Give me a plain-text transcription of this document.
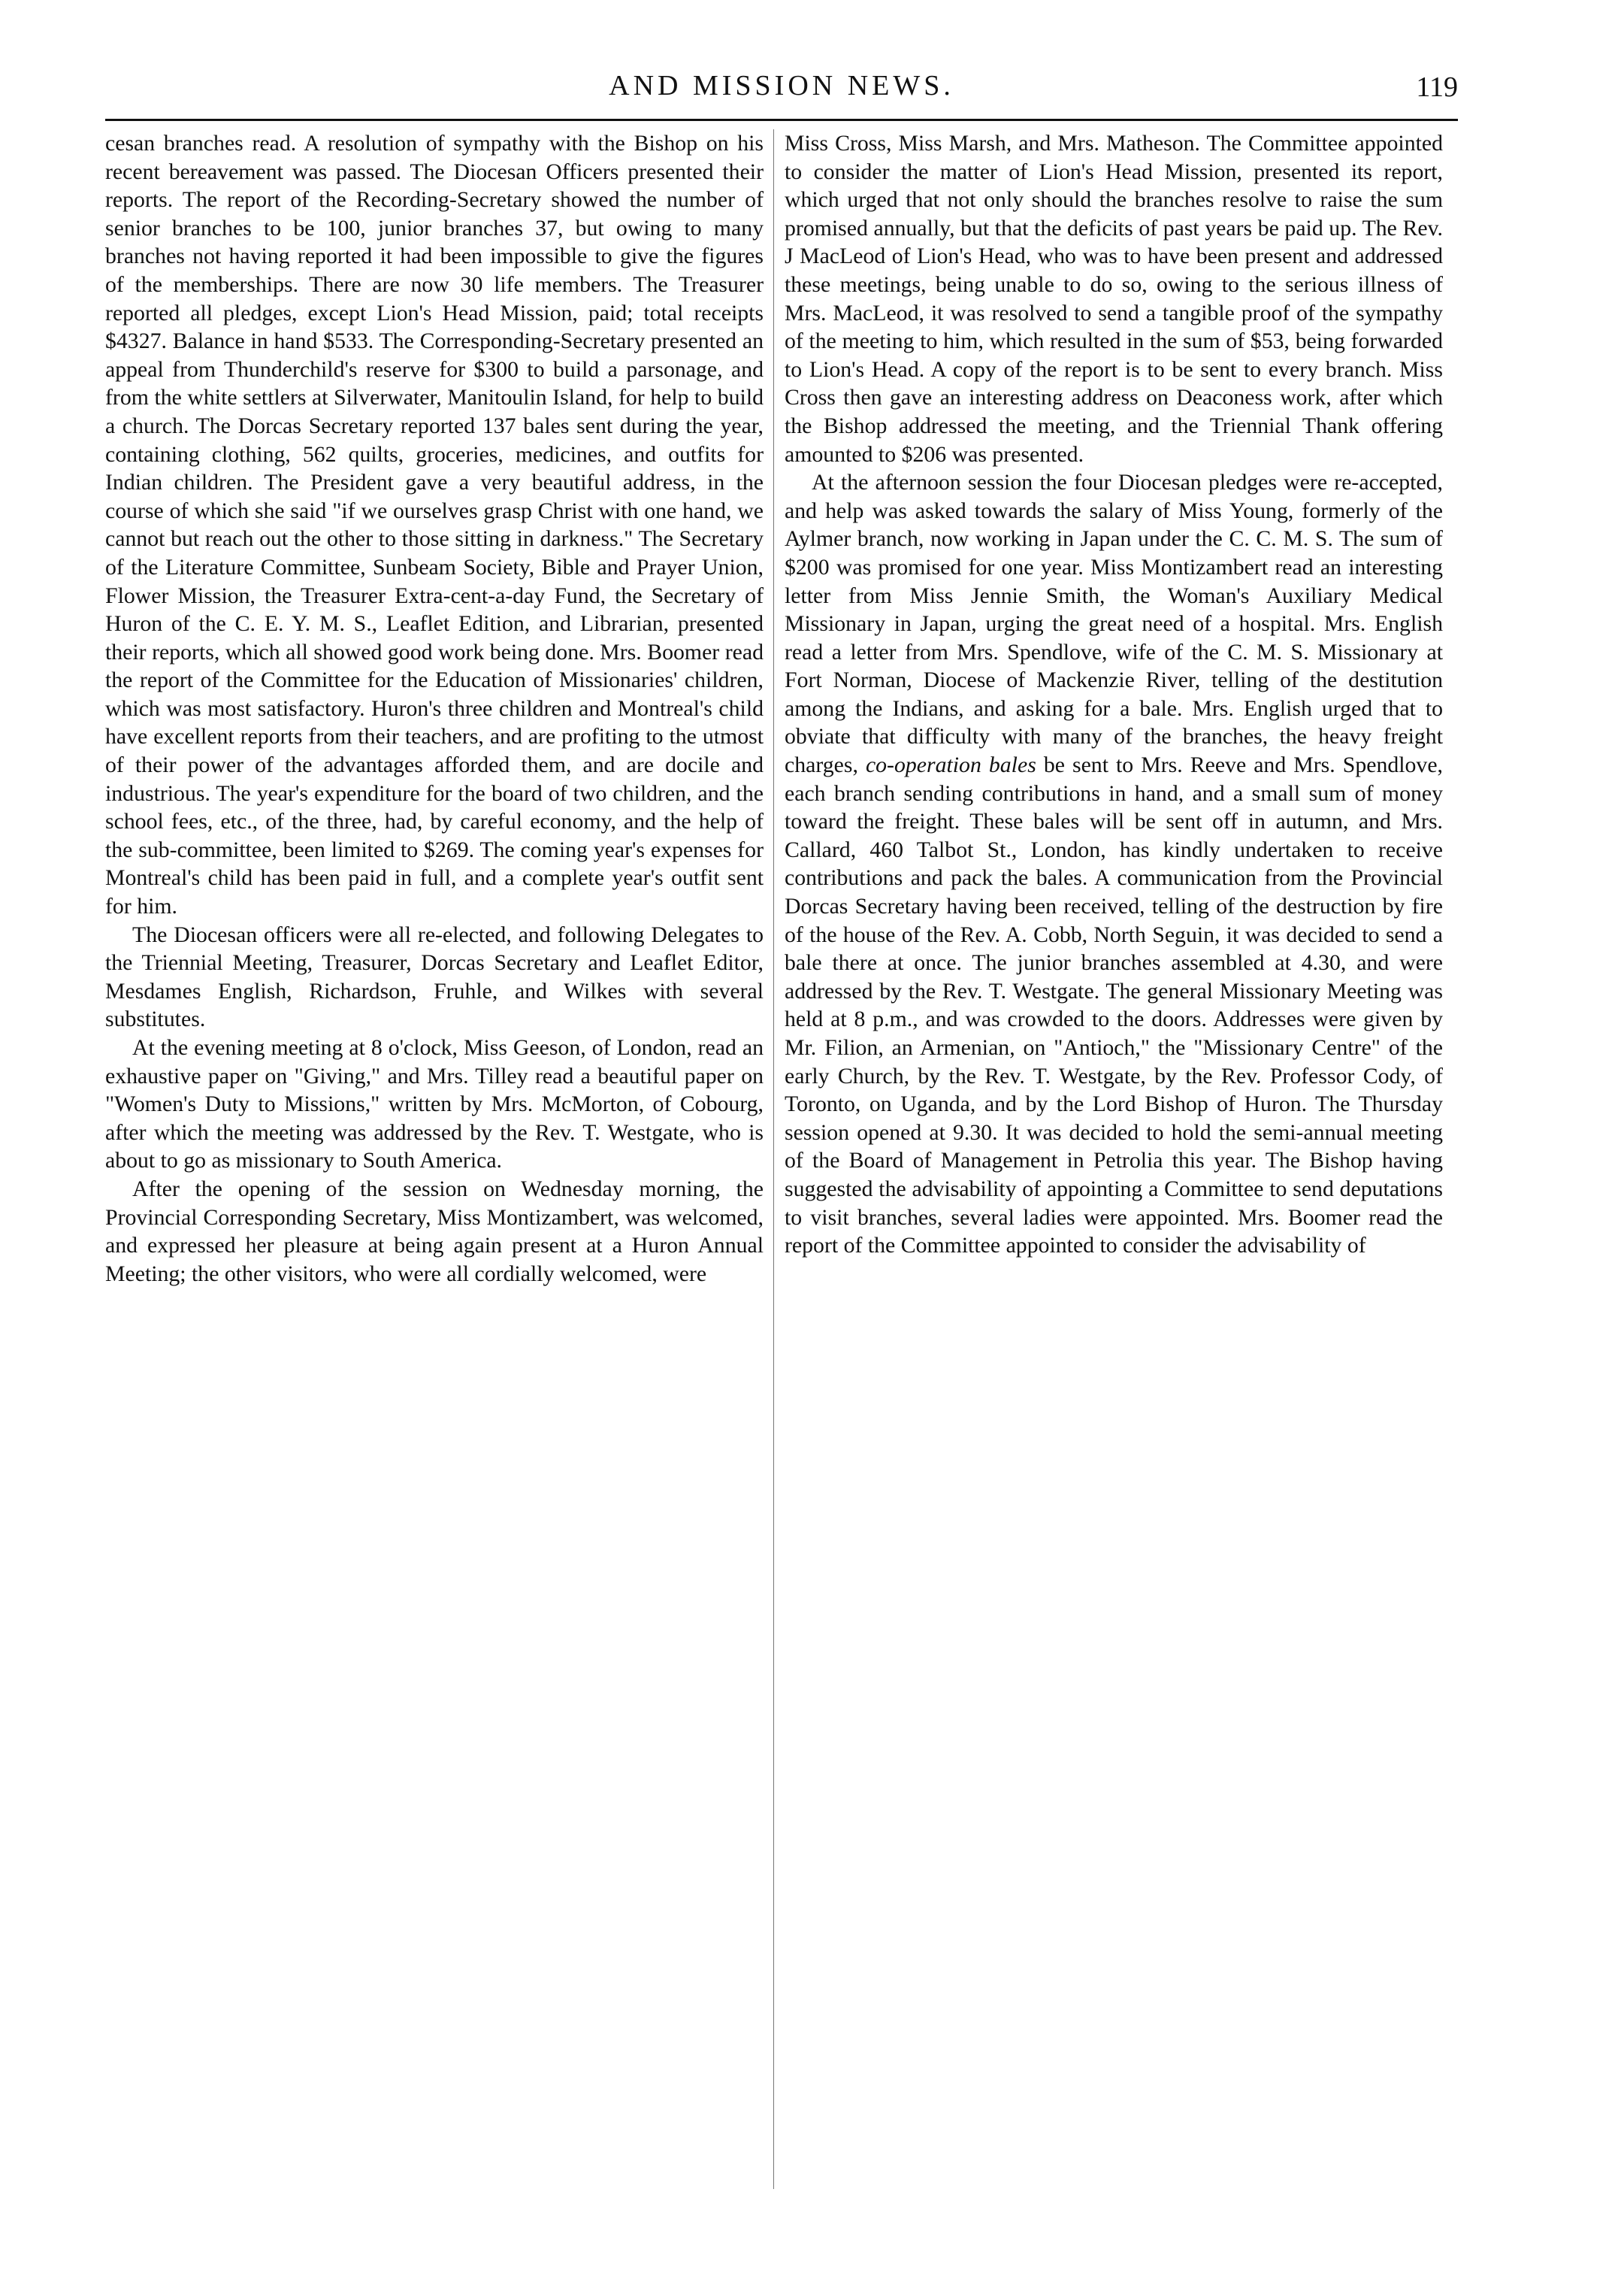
AND MISSION NEWS.	119

cesan branches read. A resolution of sympathy with the Bishop on his recent bereavement was passed. The Diocesan Officers presented their reports. The report of the Recording-Secretary showed the number of senior branches to be 100, junior branches 37, but owing to many branches not having reported it had been impossible to give the figures of the memberships. There are now 30 life members. The Treasurer reported all pledges, except Lion's Head Mission, paid; total receipts $4327. Balance in hand $533. The Corresponding-Secretary presented an appeal from Thunderchild's reserve for $300 to build a parsonage, and from the white settlers at Silverwater, Manitoulin Island, for help to build a church. The Dorcas Secretary reported 137 bales sent during the year, containing clothing, 562 quilts, groceries, medicines, and outfits for Indian children. The President gave a very beautiful address, in the course of which she said "if we ourselves grasp Christ with one hand, we cannot but reach out the other to those sitting in darkness." The Secretary of the Literature Committee, Sunbeam Society, Bible and Prayer Union, Flower Mission, the Treasurer Extra-cent-a-day Fund, the Secretary of Huron of the C. E. Y. M. S., Leaflet Edition, and Librarian, presented their reports, which all showed good work being done. Mrs. Boomer read the report of the Committee for the Education of Missionaries' children, which was most satisfactory. Huron's three children and Montreal's child have excellent reports from their teachers, and are profiting to the utmost of their power of the advantages afforded them, and are docile and industrious. The year's expenditure for the board of two children, and the school fees, etc., of the three, had, by careful economy, and the help of the sub-committee, been limited to $269. The coming year's expenses for Montreal's child has been paid in full, and a complete year's outfit sent for him.

The Diocesan officers were all re-elected, and following Delegates to the Triennial Meeting, Treasurer, Dorcas Secretary and Leaflet Editor, Mesdames English, Richardson, Fruhle, and Wilkes with several substitutes.

At the evening meeting at 8 o'clock, Miss Geeson, of London, read an exhaustive paper on "Giving," and Mrs. Tilley read a beautiful paper on "Women's Duty to Missions," written by Mrs. McMorton, of Cobourg, after which the meeting was addressed by the Rev. T. Westgate, who is about to go as missionary to South America.

After the opening of the session on Wednesday morning, the Provincial Corresponding Secretary, Miss Montizambert, was welcomed, and expressed her pleasure at being again present at a Huron Annual Meeting; the other visitors, who were all cordially welcomed, were

Miss Cross, Miss Marsh, and Mrs. Matheson. The Committee appointed to consider the matter of Lion's Head Mission, presented its report, which urged that not only should the branches resolve to raise the sum promised annually, but that the deficits of past years be paid up. The Rev. J MacLeod of Lion's Head, who was to have been present and addressed these meetings, being unable to do so, owing to the serious illness of Mrs. MacLeod, it was resolved to send a tangible proof of the sympathy of the meeting to him, which resulted in the sum of $53, being forwarded to Lion's Head. A copy of the report is to be sent to every branch. Miss Cross then gave an interesting address on Deaconess work, after which the Bishop addressed the meeting, and the Triennial Thank offering amounted to $206 was presented.

At the afternoon session the four Diocesan pledges were re-accepted, and help was asked towards the salary of Miss Young, formerly of the Aylmer branch, now working in Japan under the C. C. M. S. The sum of $200 was promised for one year. Miss Montizambert read an interesting letter from Miss Jennie Smith, the Woman's Auxiliary Medical Missionary in Japan, urging the great need of a hospital. Mrs. English read a letter from Mrs. Spendlove, wife of the C. M. S. Missionary at Fort Norman, Diocese of Mackenzie River, telling of the destitution among the Indians, and asking for a bale. Mrs. English urged that to obviate that difficulty with many of the branches, the heavy freight charges, co-operation bales be sent to Mrs. Reeve and Mrs. Spendlove, each branch sending contributions in hand, and a small sum of money toward the freight. These bales will be sent off in autumn, and Mrs. Callard, 460 Talbot St., London, has kindly undertaken to receive contributions and pack the bales. A communication from the Provincial Dorcas Secretary having been received, telling of the destruction by fire of the house of the Rev. A. Cobb, North Seguin, it was decided to send a bale there at once. The junior branches assembled at 4.30, and were addressed by the Rev. T. Westgate. The general Missionary Meeting was held at 8 p.m., and was crowded to the doors. Addresses were given by Mr. Filion, an Armenian, on "Antioch," the "Missionary Centre" of the early Church, by the Rev. T. Westgate, by the Rev. Professor Cody, of Toronto, on Uganda, and by the Lord Bishop of Huron. The Thursday session opened at 9.30. It was decided to hold the semi-annual meeting of the Board of Management in Petrolia this year. The Bishop having suggested the advisability of appointing a Committee to send deputations to visit branches, several ladies were appointed. Mrs. Boomer read the report of the Committee appointed to consider the advisability of
